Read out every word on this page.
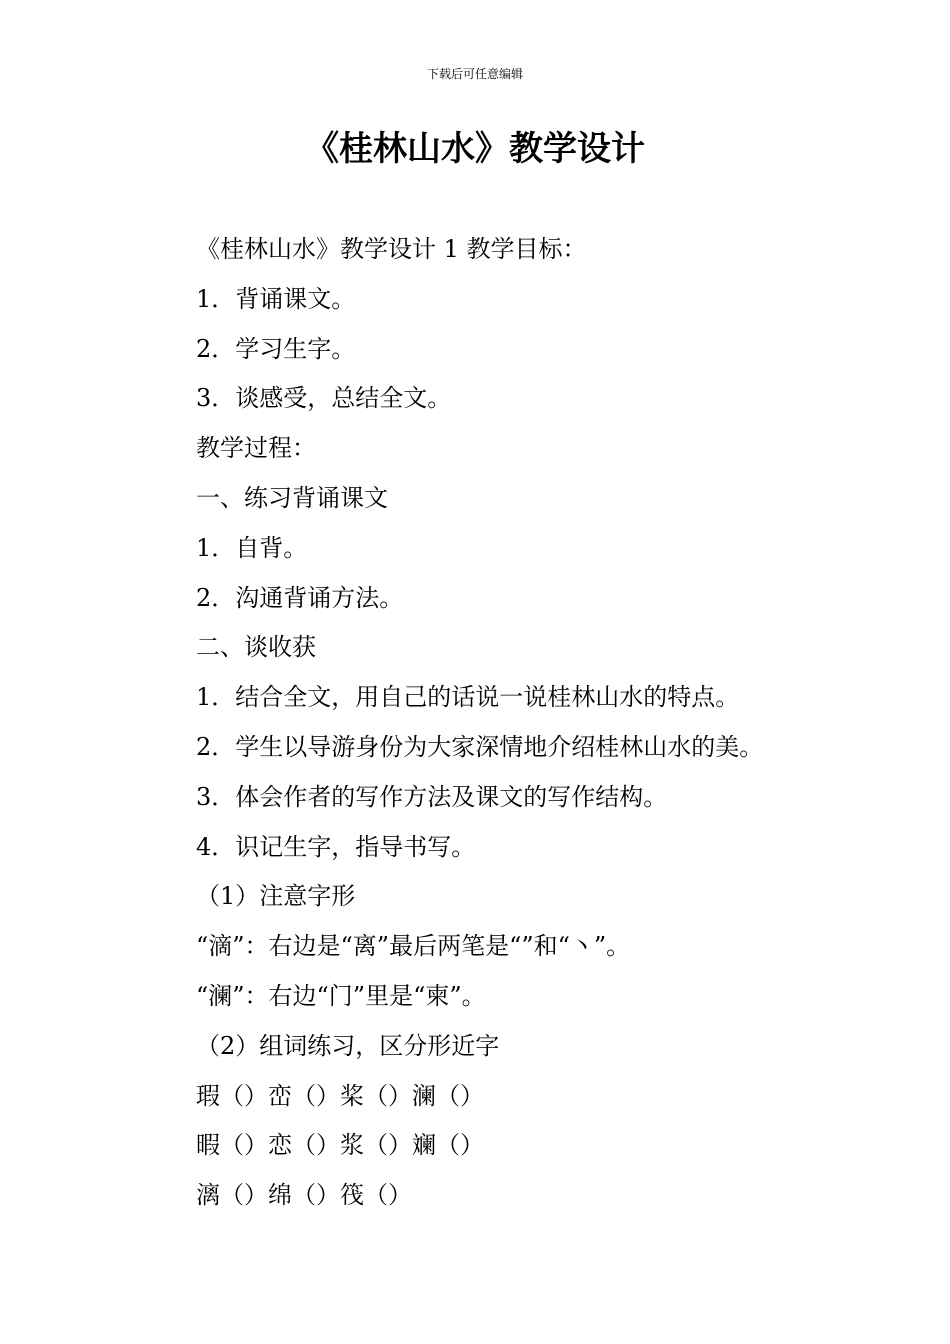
下载后可任意编辑
《桂林山水》教学设计
《桂林山水》教学设计 1 教学目标：
1．背诵课文。
2．学习生字。
3．谈感受，总结全文。
教学过程：
一、练习背诵课文
1．自背。
2．沟通背诵方法。
二、谈收获
1．结合全文，用自己的话说一说桂林山水的特点。
2．学生以导游身份为大家深情地介绍桂林山水的美。
3．体会作者的写作方法及课文的写作结构。
4．识记生字，指导书写。
（1）注意字形
“滴”：右边是“离”最后两笔是“”和“丶”。
“澜”：右边“门”里是“柬”。
（2）组词练习，区分形近字
瑕（）峦（）桨（）澜（）
暇（）恋（）浆（）斓（）
漓（）绵（）筏（）
